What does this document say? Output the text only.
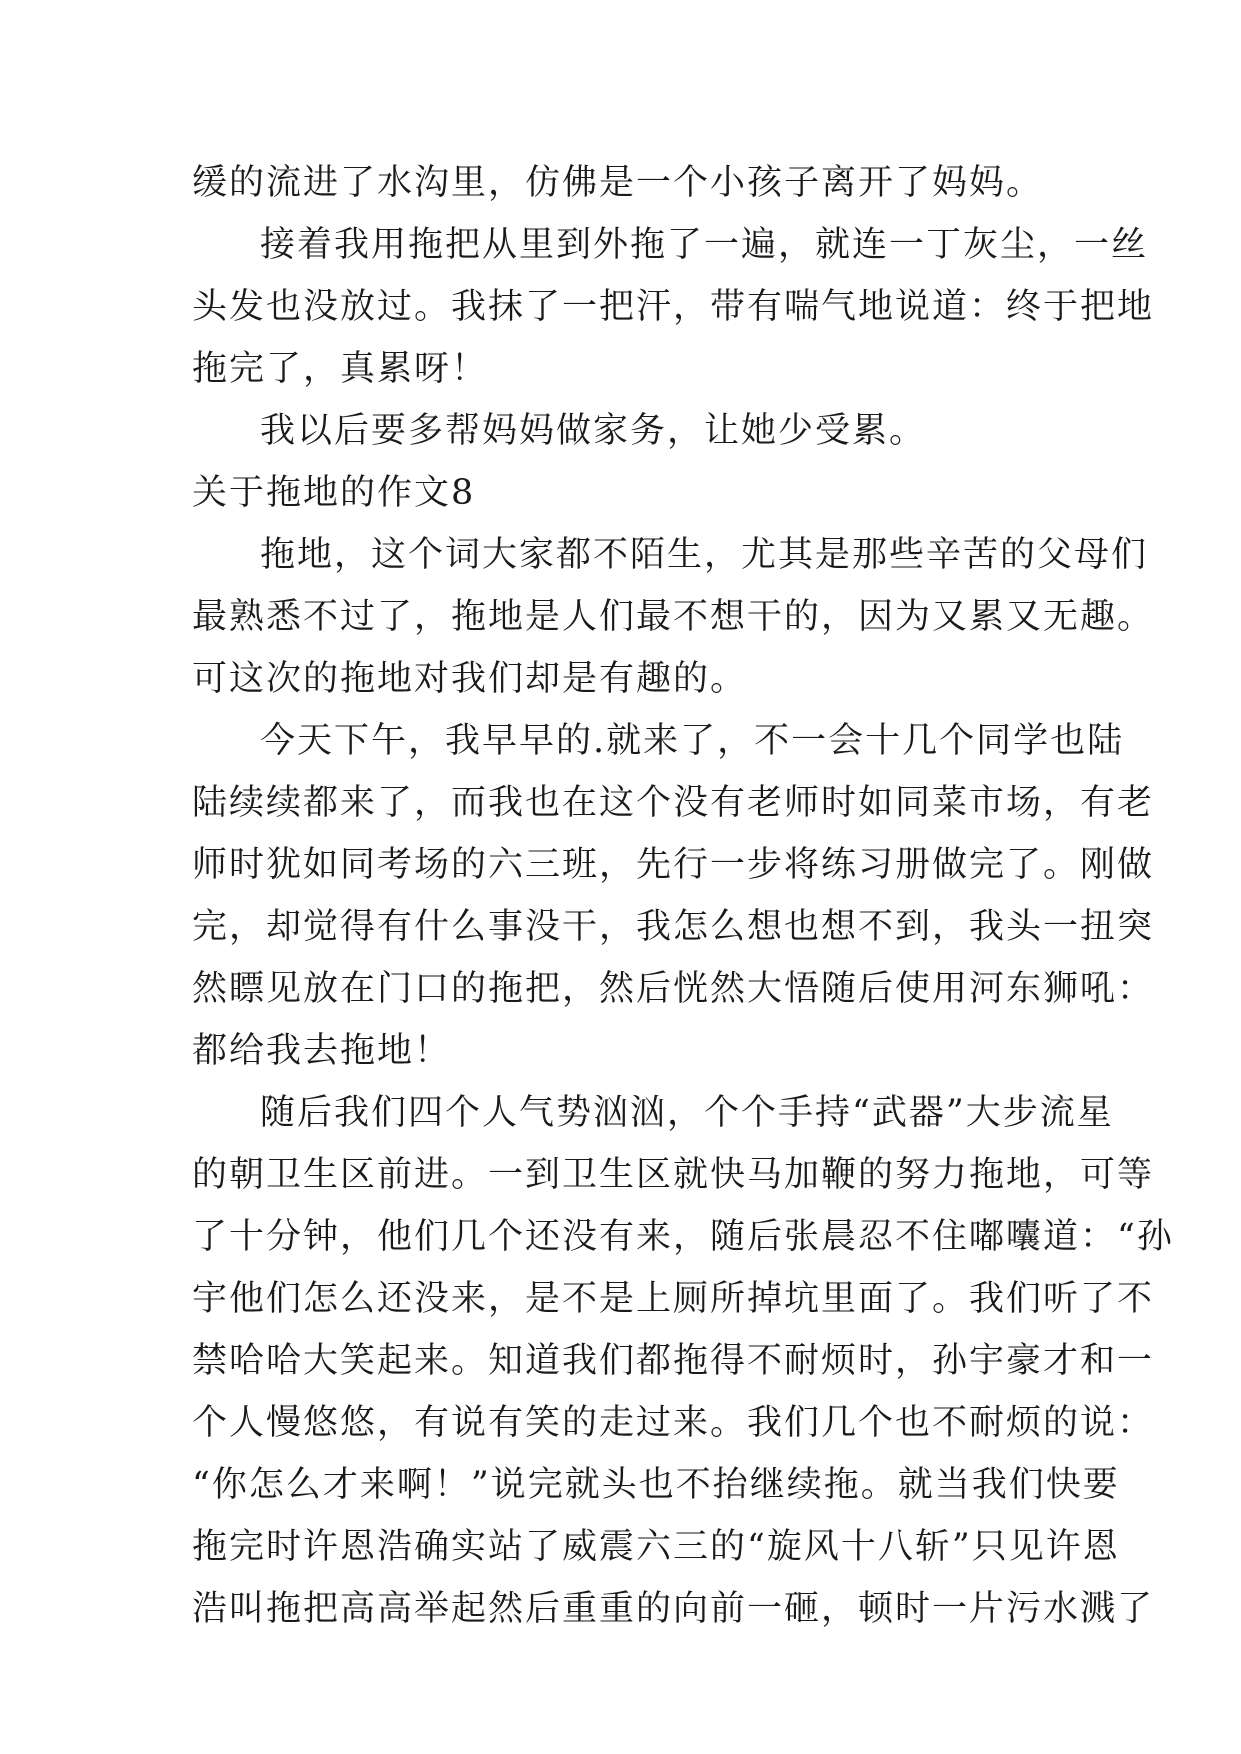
缓的流进了水沟里，仿佛是一个小孩子离开了妈妈。

接着我用拖把从里到外拖了一遍，就连一丁灰尘，一丝

头发也没放过。我抹了一把汗，带有喘气地说道：终于把地

拖完了，真累呀！

我以后要多帮妈妈做家务，让她少受累。

关于拖地的作文8

拖地，这个词大家都不陌生，尤其是那些辛苦的父母们

最熟悉不过了，拖地是人们最不想干的，因为又累又无趣。

可这次的拖地对我们却是有趣的。

今天下午，我早早的.就来了，不一会十几个同学也陆

陆续续都来了，而我也在这个没有老师时如同菜市场，有老

师时犹如同考场的六三班，先行一步将练习册做完了。刚做

完，却觉得有什么事没干，我怎么想也想不到，我头一扭突

然瞟见放在门口的拖把，然后恍然大悟随后使用河东狮吼：

都给我去拖地！

随后我们四个人气势汹汹，个个手持“武器”大步流星

的朝卫生区前进。一到卫生区就快马加鞭的努力拖地，可等

了十分钟，他们几个还没有来，随后张晨忍不住嘟囔道：“孙

宇他们怎么还没来，是不是上厕所掉坑里面了。我们听了不

禁哈哈大笑起来。知道我们都拖得不耐烦时，孙宇豪才和一

个人慢悠悠，有说有笑的走过来。我们几个也不耐烦的说：

“你怎么才来啊！”说完就头也不抬继续拖。就当我们快要

拖完时许恩浩确实站了威震六三的“旋风十八斩”只见许恩

浩叫拖把高高举起然后重重的向前一砸，顿时一片污水溅了
